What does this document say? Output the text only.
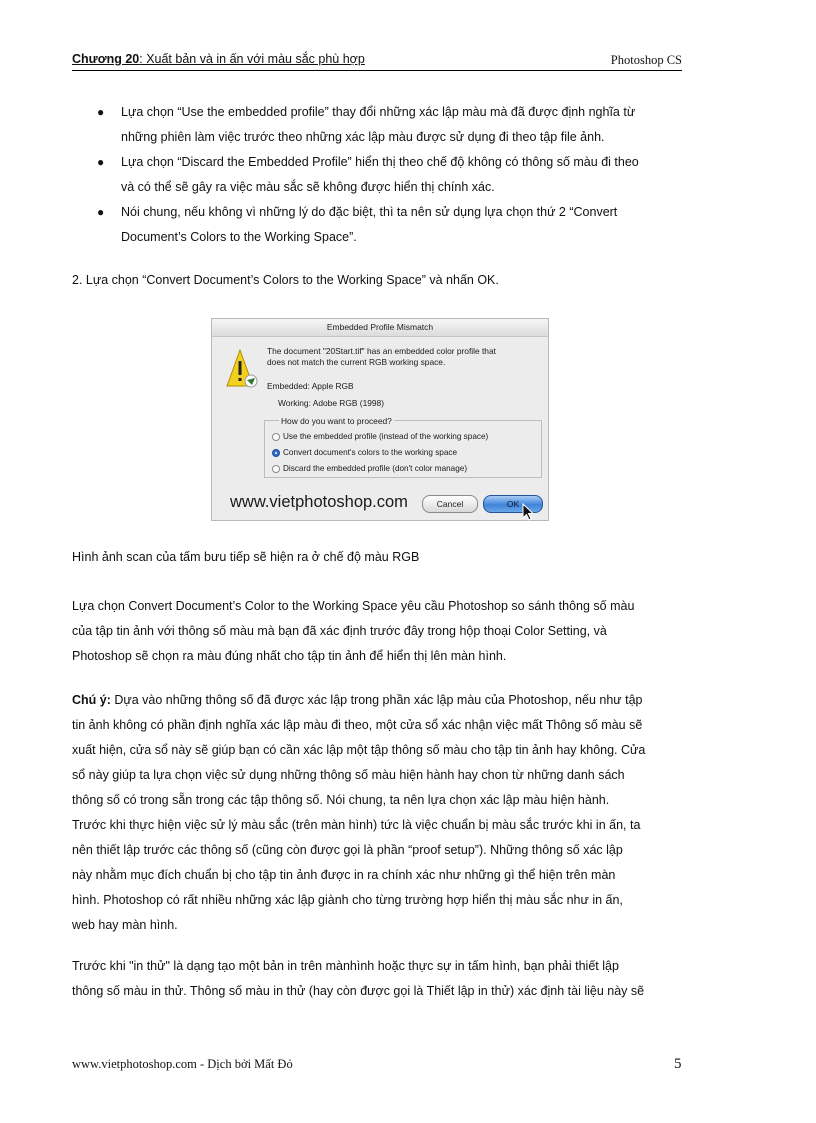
Chương 20: Xuất bản và in ấn với màu sắc phù hợp	Photoshop CS
● Lựa chọn “Use the embedded profile” thay đổi những xác lập màu mà đã được định nghĩa từ
những phiên làm việc trước theo những xác lập màu được sử dụng đi theo tập file ảnh.
● Lựa chọn “Discard the Embedded Profile” hiển thị theo chế độ không có thông số màu đi theo
và có thể sẽ gây ra việc màu sắc sẽ không được hiển thị chính xác.
● Nói chung, nếu không vì những lý do đặc biệt, thì ta nên sử dụng lựa chọn thứ 2 “Convert
Document’s Colors to the Working Space”.
2. Lựa chọn “Convert Document’s Colors to the Working Space” và nhấn OK.
Embedded Profile Mismatch
The document "20Start.tif" has an embedded color profile that
does not match the current RGB working space.
Embedded: Apple RGB
Working: Adobe RGB (1998)
How do you want to proceed?
Use the embedded profile (instead of the working space)
Convert document's colors to the working space
Discard the embedded profile (don't color manage)
www.vietphotoshop.com	Cancel	OK
Hình ảnh scan của tấm bưu tiếp sẽ hiện ra ở chế độ màu RGB
Lựa chọn Convert Document’s Color to the Working Space yêu cầu Photoshop so sánh thông số màu
của tập tin ảnh với thông số màu mà bạn đã xác định trước đây trong hộp thoại Color Setting, và
Photoshop sẽ chọn ra màu đúng nhất cho tập tin ảnh để hiển thị lên màn hình.
Chú ý: Dựa vào những thông số đã được xác lập trong phần xác lập màu của Photoshop, nếu như tập
tin ảnh không có phần định nghĩa xác lập màu đi theo, một cửa sổ xác nhận việc mất Thông số màu sẽ
xuất hiện, cửa sổ này sẽ giúp bạn có cần xác lập một tập thông số màu cho tập tin ảnh hay không. Cửa
sổ này giúp ta lựa chọn việc sử dụng những thông số màu hiện hành hay chon từ những danh sách
thông số có trong sẵn trong các tập thông số. Nói chung, ta nên lựa chọn xác lập màu hiện hành.
Trước khi thực hiện việc sử lý màu sắc (trên màn hình) tức là việc chuẩn bị màu sắc trước khi in ấn, ta
nên thiết lập trước các thông số (cũng còn được gọi là phần “proof setup”). Những thông số xác lập
này nhằm mục đích chuẩn bị cho tập tin ảnh được in ra chính xác như những gì thể hiện trên màn
hình. Photoshop có rất nhiều những xác lập giành cho từng trường hợp hiển thị màu sắc như in ấn,
web hay màn hình.
Trước khi "in thử" là dạng tạo một bản in trên mànhình hoặc thực sự in tấm hình, bạn phải thiết lập
thông số màu in thử. Thông số màu in thử (hay còn được gọi là Thiết lập in thử) xác định tài liệu này sẽ
www.vietphotoshop.com - Dịch bởi Mất Đỏ	5
